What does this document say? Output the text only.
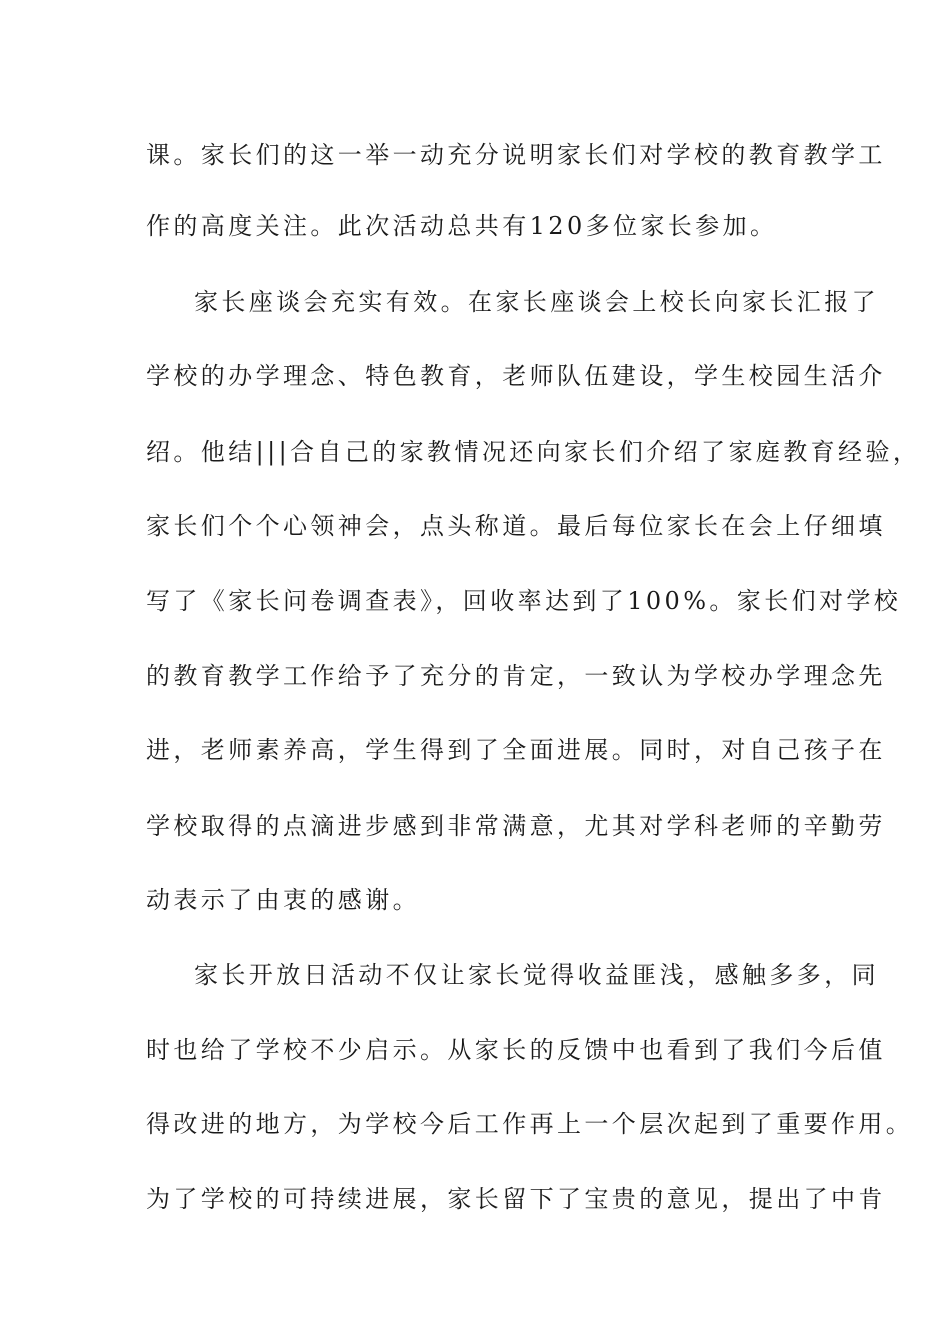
课。家长们的这一举一动充分说明家长们对学校的教育教学工
作的高度关注。此次活动总共有120多位家长参加。
家长座谈会充实有效。在家长座谈会上校长向家长汇报了
学校的办学理念、特色教育，老师队伍建设，学生校园生活介
绍。他结|||合自己的家教情况还向家长们介绍了家庭教育经验，
家长们个个心领神会，点头称道。最后每位家长在会上仔细填
写了《家长问卷调查表》，回收率达到了100%。家长们对学校
的教育教学工作给予了充分的肯定，一致认为学校办学理念先
进，老师素养高，学生得到了全面进展。同时，对自己孩子在
学校取得的点滴进步感到非常满意，尤其对学科老师的辛勤劳
动表示了由衷的感谢。
家长开放日活动不仅让家长觉得收益匪浅，感触多多，同
时也给了学校不少启示。从家长的反馈中也看到了我们今后值
得改进的地方，为学校今后工作再上一个层次起到了重要作用。
为了学校的可持续进展，家长留下了宝贵的意见，提出了中肯
